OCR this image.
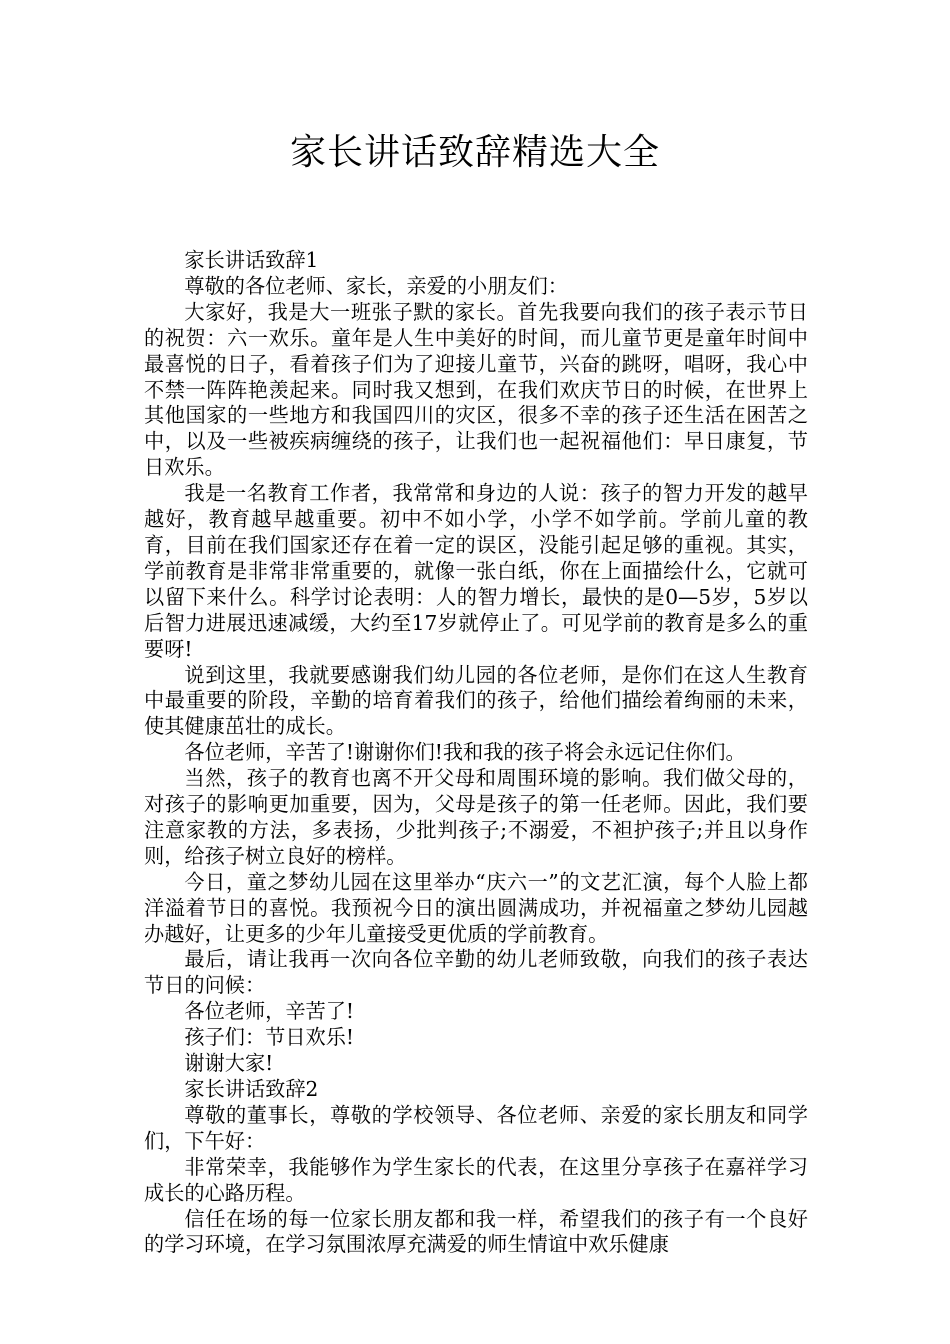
家长讲话致辞精选大全

家长讲话致辞1

尊敬的各位老师、家长，亲爱的小朋友们：

大家好，我是大一班张子默的家长。首先我要向我们的孩子表示节日的祝贺：六一欢乐。童年是人生中美好的时间，而儿童节更是童年时间中最喜悦的日子，看着孩子们为了迎接儿童节，兴奋的跳呀，唱呀，我心中不禁一阵阵艳羡起来。同时我又想到，在我们欢庆节日的时候，在世界上其他国家的一些地方和我国四川的灾区，很多不幸的孩子还生活在困苦之中，以及一些被疾病缠绕的孩子，让我们也一起祝福他们：早日康复，节日欢乐。

我是一名教育工作者，我常常和身边的人说：孩子的智力开发的越早越好，教育越早越重要。初中不如小学，小学不如学前。学前儿童的教育，目前在我们国家还存在着一定的误区，没能引起足够的重视。其实，学前教育是非常非常重要的，就像一张白纸，你在上面描绘什么，它就可以留下来什么。科学讨论表明：人的智力增长，最快的是0—5岁，5岁以后智力进展迅速减缓，大约至17岁就停止了。可见学前的教育是多么的重要呀!

说到这里，我就要感谢我们幼儿园的各位老师，是你们在这人生教育中最重要的阶段，辛勤的培育着我们的孩子，给他们描绘着绚丽的未来，使其健康茁壮的成长。

各位老师，辛苦了!谢谢你们!我和我的孩子将会永远记住你们。

当然，孩子的教育也离不开父母和周围环境的影响。我们做父母的，对孩子的影响更加重要，因为，父母是孩子的第一任老师。因此，我们要注意家教的方法，多表扬，少批判孩子;不溺爱，不袒护孩子;并且以身作则，给孩子树立良好的榜样。

今日，童之梦幼儿园在这里举办“庆六一”的文艺汇演，每个人脸上都洋溢着节日的喜悦。我预祝今日的演出圆满成功，并祝福童之梦幼儿园越办越好，让更多的少年儿童接受更优质的学前教育。

最后，请让我再一次向各位辛勤的幼儿老师致敬，向我们的孩子表达节日的问候：

各位老师，辛苦了!

孩子们：节日欢乐!

谢谢大家!

家长讲话致辞2

尊敬的董事长，尊敬的学校领导、各位老师、亲爱的家长朋友和同学们，下午好：

非常荣幸，我能够作为学生家长的代表，在这里分享孩子在嘉祥学习成长的心路历程。

信任在场的每一位家长朋友都和我一样，希望我们的孩子有一个良好的学习环境，在学习氛围浓厚充满爱的师生情谊中欢乐健康
